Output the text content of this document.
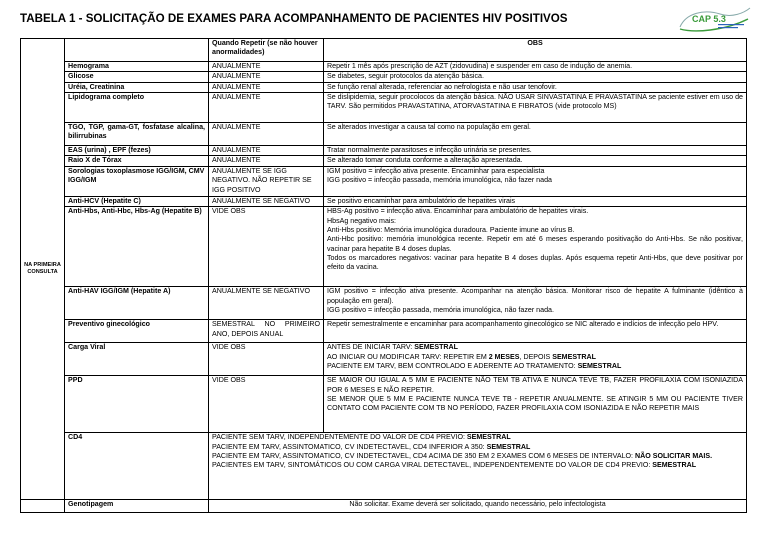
TABELA 1 - SOLICITAÇÃO DE EXAMES PARA ACOMPANHAMENTO DE PACIENTES HIV POSITIVOS	CAP 5.3
NA PRIMEIRA CONSULTA		Quando Repetir (se não houver anormalidades)	OBS
	Hemograma	ANUALMENTE	Repetir 1 mês após prescrição de AZT (zidovudina) e suspender em caso de indução de anemia.
	Glicose	ANUALMENTE	Se diabetes, seguir protocolos da atenção básica.
	Uréia, Creatinina	ANUALMENTE	Se função renal alterada, referenciar ao nefrologista e não usar tenofovir.
	Lipidograma completo	ANUALMENTE	Se dislipidemia, seguir procolocos da atenção básica. NÃO USAR SINVASTATINA E PRAVASTATINA se paciente estiver em uso de TARV. São permitidos PRAVASTATINA, ATORVASTATINA E FIBRATOS (vide protocolo MS)
	TGO, TGP, gama-GT, fosfatase alcalina, bilirrubinas	ANUALMENTE	Se alterados investigar a causa tal como na população em geral.
	EAS (urina) , EPF (fezes)	ANUALMENTE	Tratar normalmente parasitoses e infecção urinária se presentes.
	Raio X de Tórax	ANUALMENTE	Se alterado tomar conduta conforme a alteração apresentada.
	Sorologias toxoplasmose IGG/IGM, CMV IGG/IGM	ANUALMENTE SE IGG NEGATIVO. NÃO REPETIR SE IGG POSITIVO	IGM positivo = infecção ativa presente. Encaminhar para especialista
IGG positivo = infecção passada, memória imunológica, não fazer nada

	Anti-HCV (Hepatite C)	ANUALMENTE SE NEGATIVO	Se positivo encaminhar para ambulatório de hepatites virais
	Anti-Hbs, Anti-Hbc, Hbs-Ag (Hepatite B)	VIDE OBS	HBS-Ag positivo = infecção ativa. Encaminhar para ambulatório de hepatites virais.
HbsAg negativo mais:
Anti-Hbs positivo: Memória imunológica duradoura. Paciente imune ao vírus B.
Anti-Hbc positivo: memória imunológica recente. Repetir em até 6 meses esperando positivação do Anti-Hbs. Se não positivar, vacinar para hepatite B 4 doses duplas.
Todos os marcadores negativos: vacinar para hepatite B 4 doses duplas. Após esquema repetir Anti-Hbs, que deve positivar por efeito da vacina.

	Anti-HAV IGG/IGM (Hepatite A)	ANUALMENTE SE NEGATIVO	IGM positivo = infecção ativa presente. Acompanhar na atenção básica. Monitorar risco de hepatite A fulminante (idêntico à população em geral).
IGG positivo = infecção passada, memória imunológica, não fazer nada.

	Preventivo ginecológico	SEMESTRAL NO PRIMEIRO ANO, DEPOIS ANUAL	Repetir semestralmente e encaminhar para acompanhamento ginecológico se NIC alterado e indícios de infecção pelo HPV.
	Carga Viral	VIDE OBS	ANTES DE INICIAR TARV: SEMESTRAL
AO INICIAR OU MODIFICAR TARV: REPETIR EM 2 MESES, DEPOIS SEMESTRAL
PACIENTE EM TARV, BEM CONTROLADO E ADERENTE AO TRATAMENTO: SEMESTRAL

	PPD	VIDE OBS	SE MAIOR OU IGUAL A 5 MM E PACIENTE NÃO TEM TB ATIVA E NUNCA TEVE TB, FAZER PROFILAXIA COM ISONIAZIDA POR 6 MESES E NÃO REPETIR.
SE MENOR QUE 5 MM E PACIENTE NUNCA TEVE TB - REPETIR ANUALMENTE. SE ATINGIR 5 MM OU PACIENTE TIVER CONTATO COM PACIENTE COM TB NO PERÍODO, FAZER PROFILAXIA COM ISONIAZIDA E NÃO REPETIR MAIS

	CD4	PACIENTE SEM TARV, INDEPENDENTEMENTE DO VALOR DE CD4 PREVIO: SEMESTRAL
PACIENTE EM TARV, ASSINTOMATICO, CV INDETECTAVEL, CD4 INFERIOR A 350: SEMESTRAL
PACIENTE EM TARV, ASSINTOMATICO, CV INDETECTAVEL, CD4 ACIMA DE 350 EM 2 EXAMES COM 6 MESES DE INTERVALO: NÃO SOLICITAR MAIS.
PACIENTES EM TARV, SINTOMÁTICOS OU COM CARGA VIRAL DETECTAVEL, INDEPENDENTEMENTE DO VALOR DE CD4 PREVIO: SEMESTRAL	

	Genotipagem	Não solicitar. Exame deverá ser solicitado, quando necessário, pelo infectologista	
